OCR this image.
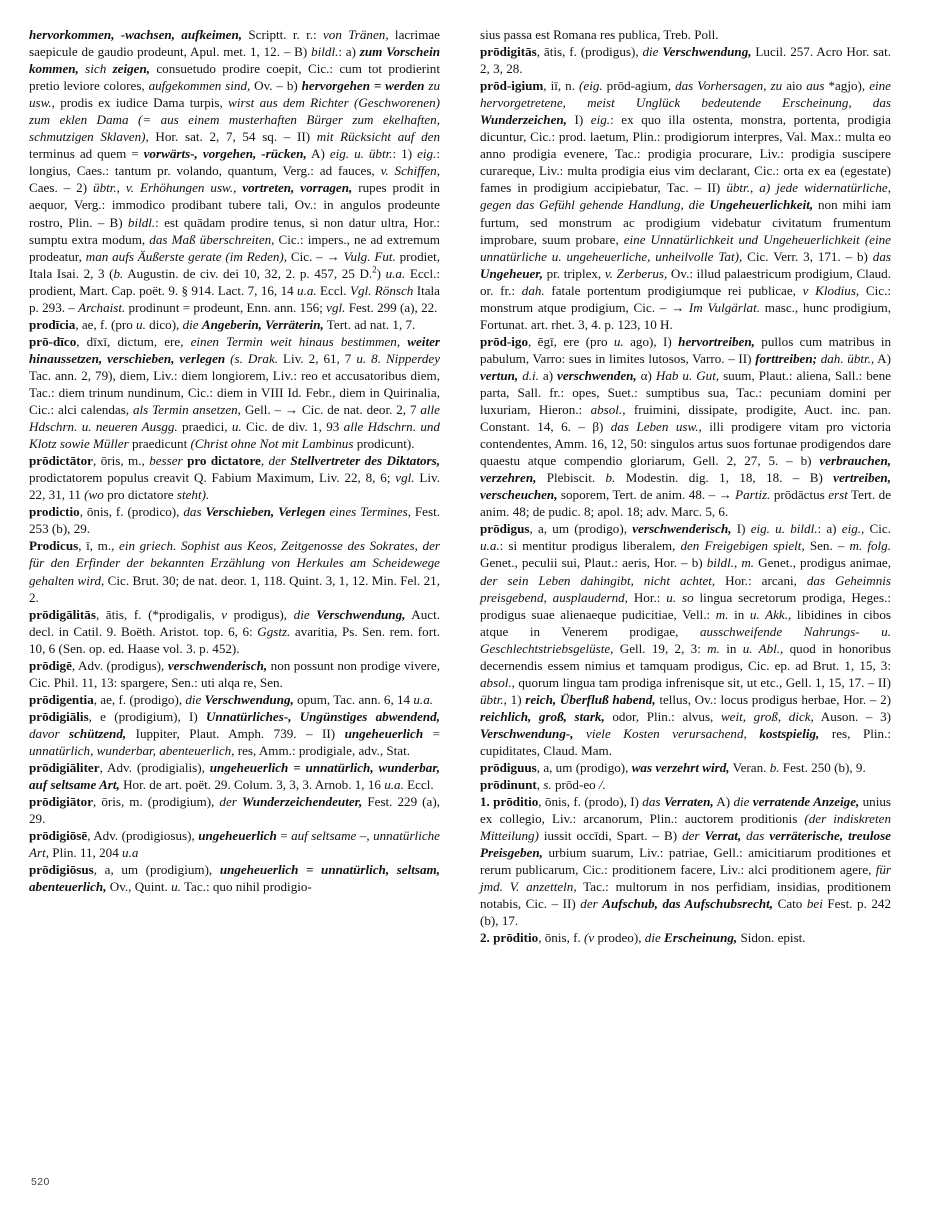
hervorkommen, -wachsen, aufkeimen, Scriptt. r. r.: von Tränen, lacrimae saepicule de gaudio prodeunt, Apul. met. 1, 12. – B) bildl.: a) zum Vorschein kommen, sich zeigen, consuetudo prodire coepit, Cic.: cum tot prodierint pretio leviore colores, aufgekommen sind, Ov. – b) hervorgehen = werden zu usw., prodis ex iudice Dama turpis, wirst aus dem Richter (Geschworenen) zum eklen Dama (= aus einem musterhaften Bürger zum ekelhaften, schmutzigen Sklaven), Hor. sat. 2, 7, 54 sq. – II) mit Rücksicht auf den terminus ad quem = vorwärts-, vorgehen, -rücken, A) eig. u. übtr.: 1) eig.: longius, Caes.: tantum pr. volando, quantum, Verg.: ad fauces, v. Schiffen, Caes. – 2) übtr., v. Erhöhungen usw., vortreten, vorragen, rupes prodit in aequor, Verg.: immodico prodibant tubere tali, Ov.: in angulos prodeunte rostro, Plin. – B) bildl.: est quādam prodire tenus, si non datur ultra, Hor.: sumptu extra modum, das Maß überschreiten, Cic.: impers., ne ad extremum prodeatur, man aufs Äußerste gerate (im Reden), Cic. – → Vulg. Fut. prodiet, Itala Isai. 2, 3 (b. Augustin. de civ. dei 10, 32, 2. p. 457, 25 D.$^2$) u.a. Eccl.: prodient, Mart. Cap. poët. 9. § 914. Lact. 7, 16, 14 u.a. Eccl. Vgl. Rönsch Itala p. 293. – Archaist. prodinunt = prodeunt, Enn. ann. 156; vgl. Fest. 299 (a), 22.

prodīcia, ae, f. (pro u. dico), die Angeberin, Verräterin, Tert. ad nat. 1, 7.

prō-dīco, dīxī, dictum, ere, einen Termin weit hinaus bestimmen, weiter hinaussetzen, verschieben, verlegen (s. Drak. Liv. 2, 61, 7 u. 8. Nipperdey Tac. ann. 2, 79), diem, Liv.: diem longiorem, Liv.: reo et accusatoribus diem, Tac.: diem trinum nundinum, Cic.: diem in VIII Id. Febr., diem in Quirinalia, Cic.: alci calendas, als Termin ansetzen, Gell. – → Cic. de nat. deor. 2, 7 alle Hdschrn. u. neueren Ausgg. praedici, u. Cic. de div. 1, 93 alle Hdschrn. und Klotz sowie Müller praedicunt (Christ ohne Not mit Lambinus prodicunt).

prōdictātor, ōris, m., besser pro dictatore, der Stellvertreter des Diktators, prodictatorem populus creavit Q. Fabium Maximum, Liv. 22, 8, 6; vgl. Liv. 22, 31, 11 (wo pro dictatore steht).

prodictio, ōnis, f. (prodico), das Verschieben, Verlegen eines Termines, Fest. 253 (b), 29.

Prodicus, ī, m., ein griech. Sophist aus Keos, Zeitgenosse des Sokrates, der für den Erfinder der bekannten Erzählung von Herkules am Scheidewege gehalten wird, Cic. Brut. 30; de nat. deor. 1, 118. Quint. 3, 1, 12. Min. Fel. 21, 2.

prōdigālitās, ātis, f. (*prodigalis, v prodigus), die Verschwendung, Auct. decl. in Catil. 9. Boëth. Aristot. top. 6, 6: Ggstz. avaritia, Ps. Sen. rem. fort. 10, 6 (Sen. op. ed. Haase vol. 3. p. 452).

prōdigē, Adv. (prodigus), verschwenderisch, non possunt non prodige vivere, Cic. Phil. 11, 13: spargere, Sen.: uti alqa re, Sen.

prōdigentia, ae, f. (prodigo), die Verschwendung, opum, Tac. ann. 6, 14 u.a.

prōdigiālis, e (prodigium), I) Unnatürliches-, Ungünstiges abwendend, davor schützend, Iuppiter, Plaut. Amph. 739. – II) ungeheuerlich = unnatürlich, wunderbar, abenteuerlich, res, Amm.: prodigiale, adv., Stat.

prōdigiāliter, Adv. (prodigialis), ungeheuerlich = unnatürlich, wunderbar, auf seltsame Art, Hor. de art. poët. 29. Colum. 3, 3, 3. Arnob. 1, 16 u.a. Eccl.

prōdigiātor, ōris, m. (prodigium), der Wunderzeichendeuter, Fest. 229 (a), 29.

prōdigiōsē, Adv. (prodigiosus), ungeheuerlich = auf seltsame –, unnatürliche Art, Plin. 11, 204 u.a

prōdigiōsus, a, um (prodigium), ungeheuerlich = unnatürlich, seltsam, abenteuerlich, Ov., Quint. u. Tac.: quo nihil prodigio-

sius passa est Romana res publica, Treb. Poll.

prōdigitās, ātis, f. (prodigus), die Verschwendung, Lucil. 257. Acro Hor. sat. 2, 3, 28.

prōd-igium, iī, n. (eig. prōd-agium, das Vorhersagen, zu aio aus *agjo), eine hervorgetretene, meist Unglück bedeutende Erscheinung, das Wunderzeichen, I) eig.: ex quo illa ostenta, monstra, portenta, prodigia dicuntur, Cic.: prod. laetum, Plin.: prodigiorum interpres, Val. Max.: multa eo anno prodigia evenere, Tac.: prodigia procurare, Liv.: prodigia suscipere curareque, Liv.: multa prodigia eius vim declarant, Cic.: orta ex ea (egestate) fames in prodigium accipiebatur, Tac. – II) übtr., a) jede widernatürliche, gegen das Gefühl gehende Handlung, die Ungeheuerlichkeit, non mihi iam furtum, sed monstrum ac prodigium videbatur civitatum frumentum improbare, suum probare, eine Unnatürlichkeit und Ungeheuerlichkeit (eine unnatürliche u. ungeheuerliche, unheilvolle Tat), Cic. Verr. 3, 171. – b) das Ungeheuer, pr. triplex, v. Zerberus, Ov.: illud palaestricum prodigium, Claud. or. fr.: dah. fatale portentum prodigiumque rei publicae, v Klodius, Cic.: monstrum atque prodigium, Cic. – → Im Vulgärlat. masc., hunc prodigium, Fortunat. art. rhet. 3, 4. p. 123, 10 H.

prōd-igo, ēgī, ere (pro u. ago), I) hervortreiben, pullos cum matribus in pabulum, Varro: sues in limites lutosos, Varro. – II) forttreiben; dah. übtr., A) vertun, d.i. a) verschwenden, α) Hab u. Gut, suum, Plaut.: aliena, Sall.: bene parta, Sall. fr.: opes, Suet.: sumptibus sua, Tac.: pecuniam domini per luxuriam, Hieron.: absol., fruimini, dissipate, prodigite, Auct. inc. pan. Constant. 14, 6. – β) das Leben usw., illi prodigere vitam pro victoria contendentes, Amm. 16, 12, 50: singulos artus suos fortunae prodigendos dare quaestu atque compendio gloriarum, Gell. 2, 27, 5. – b) verbrauchen, verzehren, Plebiscit. b. Modestin. dig. 1, 18, 18. – B) vertreiben, verscheuchen, soporem, Tert. de anim. 48. – → Partiz. prōdāctus erst Tert. de anim. 48; de pudic. 8; apol. 18; adv. Marc. 5, 6.

prōdigus, a, um (prodigo), verschwenderisch, I) eig. u. bildl.: a) eig., Cic. u.a.: si mentitur prodigus liberalem, den Freigebigen spielt, Sen. – m. folg. Genet., peculii sui, Plaut.: aeris, Hor. – b) bildl., m. Genet., prodigus animae, der sein Leben dahingibt, nicht achtet, Hor.: arcani, das Geheimnis preisgebend, ausplaudernd, Hor.: u. so lingua secretorum prodiga, Heges.: prodigus suae alienaeque pudicitiae, Vell.: m. in u. Akk., libidines in cibos atque in Venerem prodigae, ausschweifende Nahrungs- u. Geschlechtstriebsgelüste, Gell. 19, 2, 3: m. in u. Abl., quod in honoribus decernendis essem nimius et tamquam prodigus, Cic. ep. ad Brut. 1, 15, 3: absol., quorum lingua tam prodiga infrenisque sit, ut etc., Gell. 1, 15, 17. – II) übtr., 1) reich, Überfluß habend, tellus, Ov.: locus prodigus herbae, Hor. – 2) reichlich, groß, stark, odor, Plin.: alvus, weit, groß, dick, Auson. – 3) Verschwendung-, viele Kosten verursachend, kostspielig, res, Plin.: cupiditates, Claud. Mam.

prōdiguus, a, um (prodigo), was verzehrt wird, Veran. b. Fest. 250 (b), 9.

prōdinunt, s. prōd-eo /.

1. prōditio, ōnis, f. (prodo), I) das Verraten, A) die verratende Anzeige, unius ex collegio, Liv.: arcanorum, Plin.: auctorem proditionis (der indiskreten Mitteilung) iussit occīdi, Spart. – B) der Verrat, das verräterische, treulose Preisgeben, urbium suarum, Liv.: patriae, Gell.: amicitiarum proditiones et rerum publicarum, Cic.: proditionem facere, Liv.: alci proditionem agere, für jmd. V. anzetteln, Tac.: multorum in nos perfidiam, insidias, proditionem notabis, Cic. – II) der Aufschub, das Aufschubsrecht, Cato bei Fest. p. 242 (b), 17.

2. prōditio, ōnis, f. (v prodeo), die Erscheinung, Sidon. epist.

520
